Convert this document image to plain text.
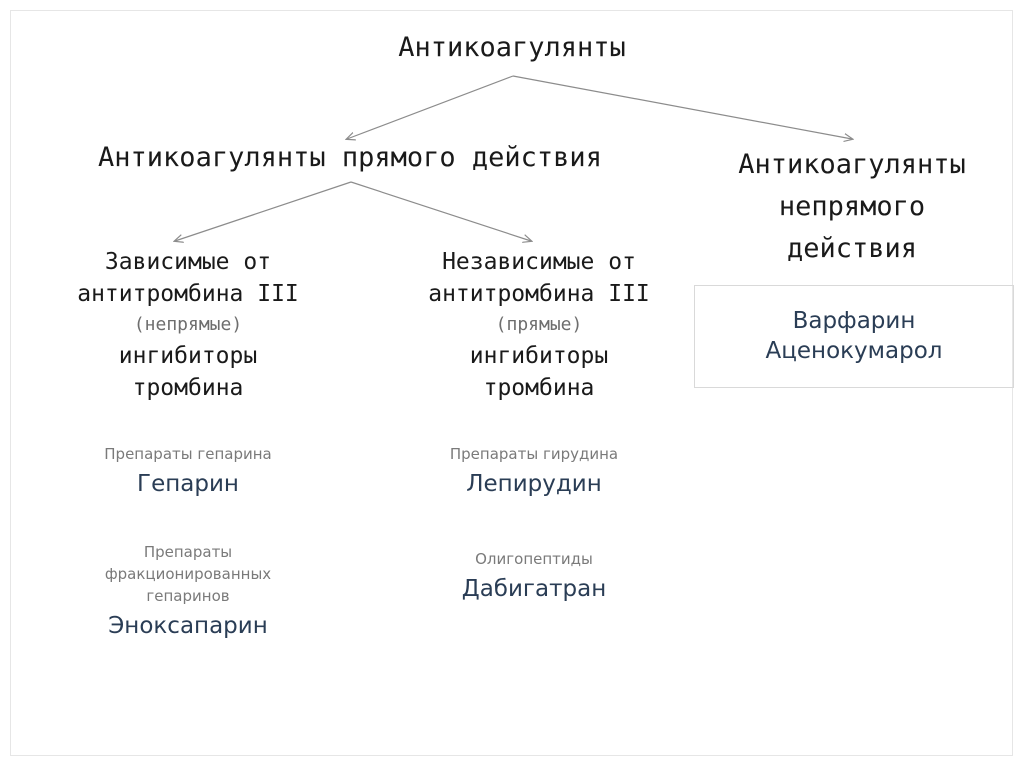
Антикоагулянты
Антикоагулянты прямого действия	Антикоагулянты
непрямого
действия
Зависимые от
антитромбина III
(непрямые)
ингибиторы
тромбина
Независимые от
антитромбина III
(прямые)
ингибиторы
тромбина
Варфарин
Аценокумарол
Препараты гепарина
Гепарин
Препараты
фракционированных
гепаринов
Эноксапарин
Препараты гирудина
Лепирудин
Олигопептиды
Дабигатран
